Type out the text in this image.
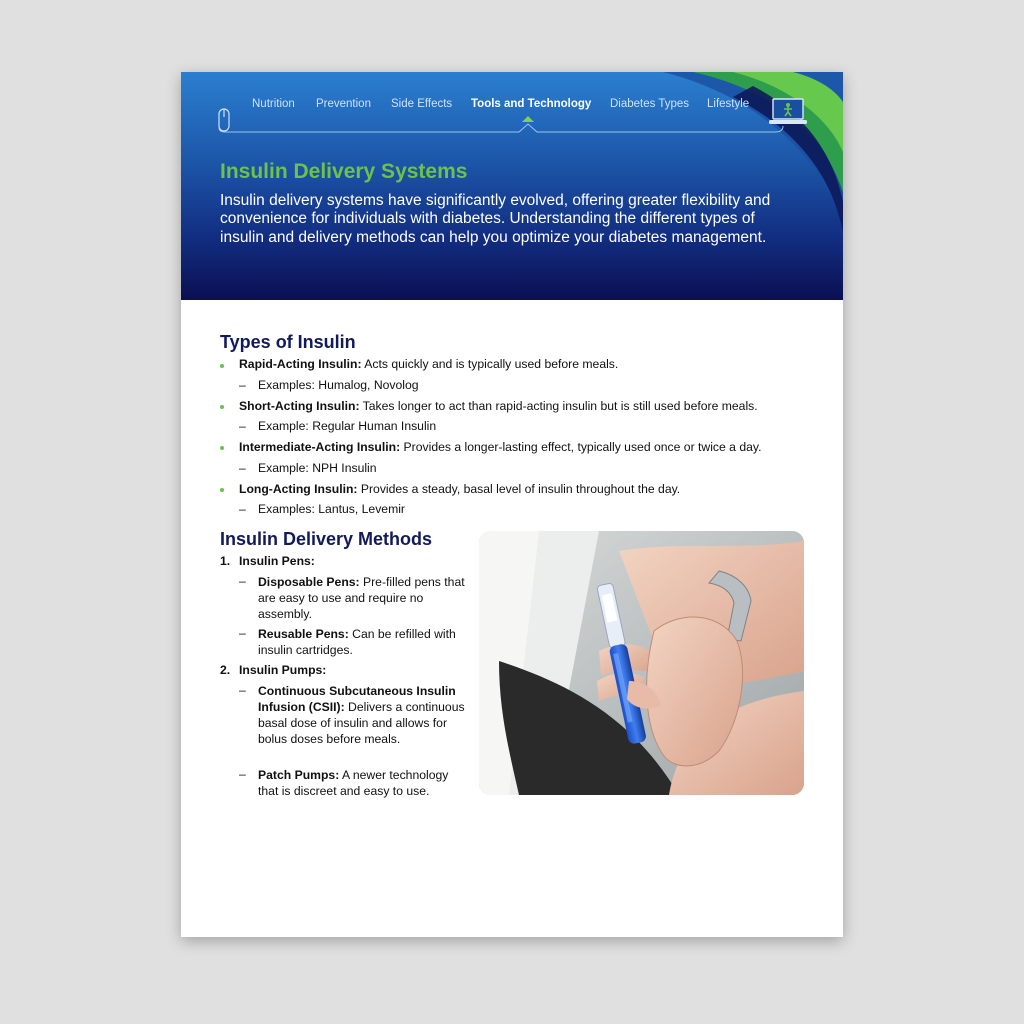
Nutrition Prevention Side Effects Tools and Technology Diabetes Types Lifestyle
Insulin Delivery Systems

Insulin delivery systems have significantly evolved, offering greater flexibility and convenience for individuals with diabetes. Understanding the different types of insulin and delivery methods can help you optimize your diabetes management.

Types of Insulin
Rapid-Acting Insulin: Acts quickly and is typically used before meals.
– Examples: Humalog, Novolog
Short-Acting Insulin: Takes longer to act than rapid-acting insulin but is still used before meals.
– Example: Regular Human Insulin
Intermediate-Acting Insulin: Provides a longer-lasting effect, typically used once or twice a day.
– Example: NPH Insulin
Long-Acting Insulin: Provides a steady, basal level of insulin throughout the day.
– Examples: Lantus, Levemir
Insulin Delivery Methods
1. Insulin Pens:
– Disposable Pens: Pre-filled pens that are easy to use and require no assembly.

– Reusable Pens: Can be refilled with insulin cartridges.

2. Insulin Pumps:
– Continuous Subcutaneous Insulin Infusion (CSII): Delivers a continuous basal dose of insulin and allows for bolus doses before meals.

– Patch Pumps: A newer technology that is discreet and easy to use.
